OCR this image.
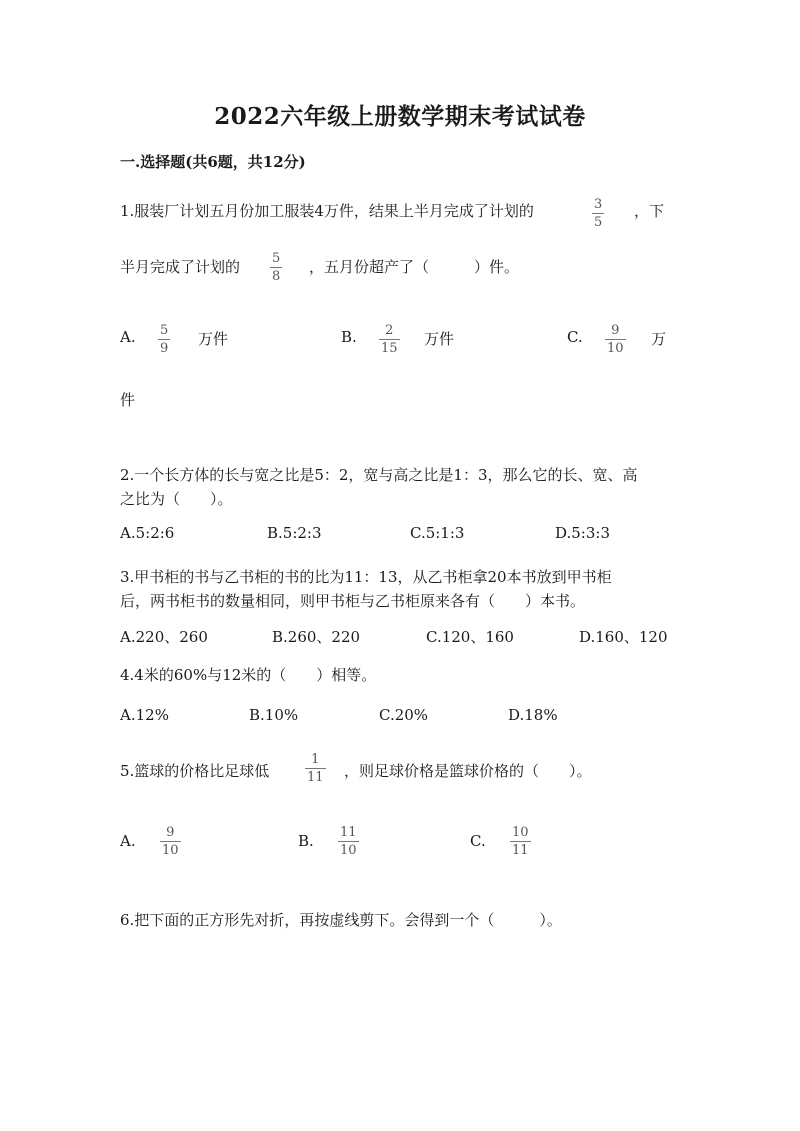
2022六年级上册数学期末考试试卷
一.选择题(共6题，共12分)
1.服装厂计划五月份加工服装4万件，结果上半月完成了计划的	3
5
，下
半月完成了计划的 5
8
，五月份超产了（　　　）件。
A. 5
9
万件	B. 2
15
万件	C. 9
10
万
件
2.一个长方体的长与宽之比是5：2，宽与高之比是1：3，那么它的长、宽、高
之比为（　　）。
A.5:2:6	B.5:2:3	C.5:1:3	D.5:3:3
3.甲书柜的书与乙书柜的书的比为11：13，从乙书柜拿20本书放到甲书柜
后，两书柜书的数量相同，则甲书柜与乙书柜原来各有（　　）本书。
A.220、260	B.260、220	C.120、160	D.160、120
4.4米的60%与12米的（　　）相等。
A.12%	B.10%	C.20%	D.18%
5.篮球的价格比足球低
1
11 ，则足球价格是篮球价格的（　　）。
A. 9
10
B. 11
10
C. 10
11
6.把下面的正方形先对折，再按虚线剪下。会得到一个（　　　）。
